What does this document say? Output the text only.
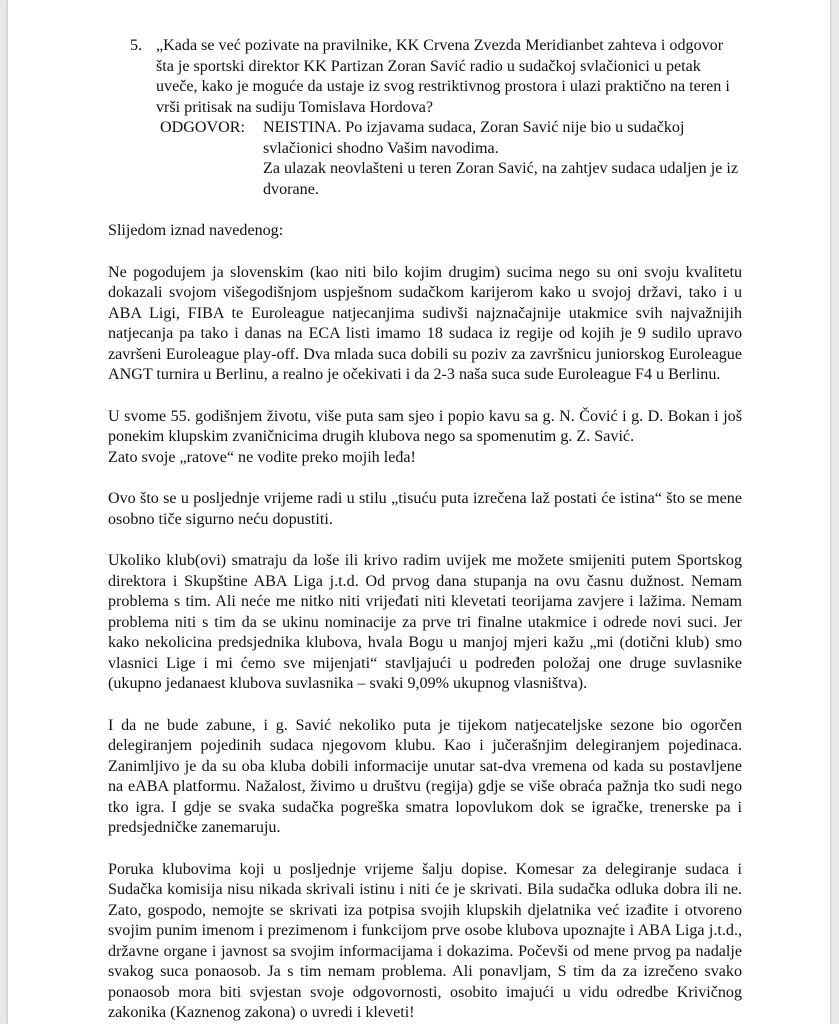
5. „Kada se već pozivate na pravilnike, KK Crvena Zvezda Meridianbet zahteva i odgovor šta je sportski direktor KK Partizan Zoran Savić radio u sudačkoj svlačionici u petak uveče, kako je moguće da ustaje iz svog restriktivnog prostora i ulazi praktično na teren i vrši pritisak na sudiju Tomislava Hordova?
ODGOVOR:	NEISTINA. Po izjavama sudaca, Zoran Savić nije bio u sudačkoj svlačionici shodno Vašim navodima.
Za ulazak neovlašteni u teren Zoran Savić, na zahtjev sudaca udaljen je iz dvorane.

Slijedom iznad navedenog:

Ne pogodujem ja slovenskim (kao niti bilo kojim drugim) sucima nego su oni svoju kvalitetu dokazali svojom višegodišnjom uspješnom sudačkom karijerom kako u svojoj državi, tako i u ABA Ligi, FIBA te Euroleague natjecanjima sudivši najznačajnije utakmice svih najvažnijih natjecanja pa tako i danas na ECA listi imamo 18 sudaca iz regije od kojih je 9 sudilo upravo završeni Euroleague play-off. Dva mlada suca dobili su poziv za završnicu juniorskog Euroleague ANGT turnira u Berlinu, a realno je očekivati i da 2-3 naša suca sude Euroleague F4 u Berlinu.

U svome 55. godišnjem životu, više puta sam sjeo i popio kavu sa g. N. Čović i g. D. Bokan i još ponekim klupskim zvaničnicima drugih klubova nego sa spomenutim g. Z. Savić.

Zato svoje „ratove“ ne vodite preko mojih leđa!

Ovo što se u posljednje vrijeme radi u stilu „tisuću puta izrečena laž postati će istina“ što se mene osobno tiče sigurno neću dopustiti.

Ukoliko klub(ovi) smatraju da loše ili krivo radim uvijek me možete smijeniti putem Sportskog direktora i Skupštine ABA Liga j.t.d. Od prvog dana stupanja na ovu časnu dužnost. Nemam problema s tim. Ali neće me nitko niti vrijeđati niti klevetati teorijama zavjere i lažima. Nemam problema niti s tim da se ukinu nominacije za prve tri finalne utakmice i odrede novi suci. Jer kako nekolicina predsjednika klubova, hvala Bogu u manjoj mjeri kažu „mi (dotični klub) smo vlasnici Lige i mi ćemo sve mijenjati“ stavljajući u podređen položaj one druge suvlasnike (ukupno jedanaest klubova suvlasnika – svaki 9,09% ukupnog vlasništva).

I da ne bude zabune, i g. Savić nekoliko puta je tijekom natjecateljske sezone bio ogorčen delegiranjem pojedinih sudaca njegovom klubu. Kao i jučerašnjim delegiranjem pojedinaca. Zanimljivo je da su oba kluba dobili informacije unutar sat-dva vremena od kada su postavljene na eABA platformu. Nažalost, živimo u društvu (regija) gdje se više obraća pažnja tko sudi nego tko igra. I gdje se svaka sudačka pogreška smatra lopovlukom dok se igračke, trenerske pa i predsjedničke zanemaruju.

Poruka klubovima koji u posljednje vrijeme šalju dopise. Komesar za delegiranje sudaca i Sudačka komisija nisu nikada skrivali istinu i niti će je skrivati. Bila sudačka odluka dobra ili ne. Zato, gospodo, nemojte se skrivati iza potpisa svojih klupskih djelatnika već izađite i otvoreno svojim punim imenom i prezimenom i funkcijom prve osobe klubova upoznajte i ABA Liga j.t.d., državne organe i javnost sa svojim informacijama i dokazima. Počevši od mene prvog pa nadalje svakog suca ponaosob. Ja s tim nemam problema. Ali ponavljam, S tim da za izrečeno svako ponaosob mora biti svjestan svoje odgovornosti, osobito imajući u vidu odredbe Krivičnog zakonika (Kaznenog zakona) o uvredi i kleveti!
